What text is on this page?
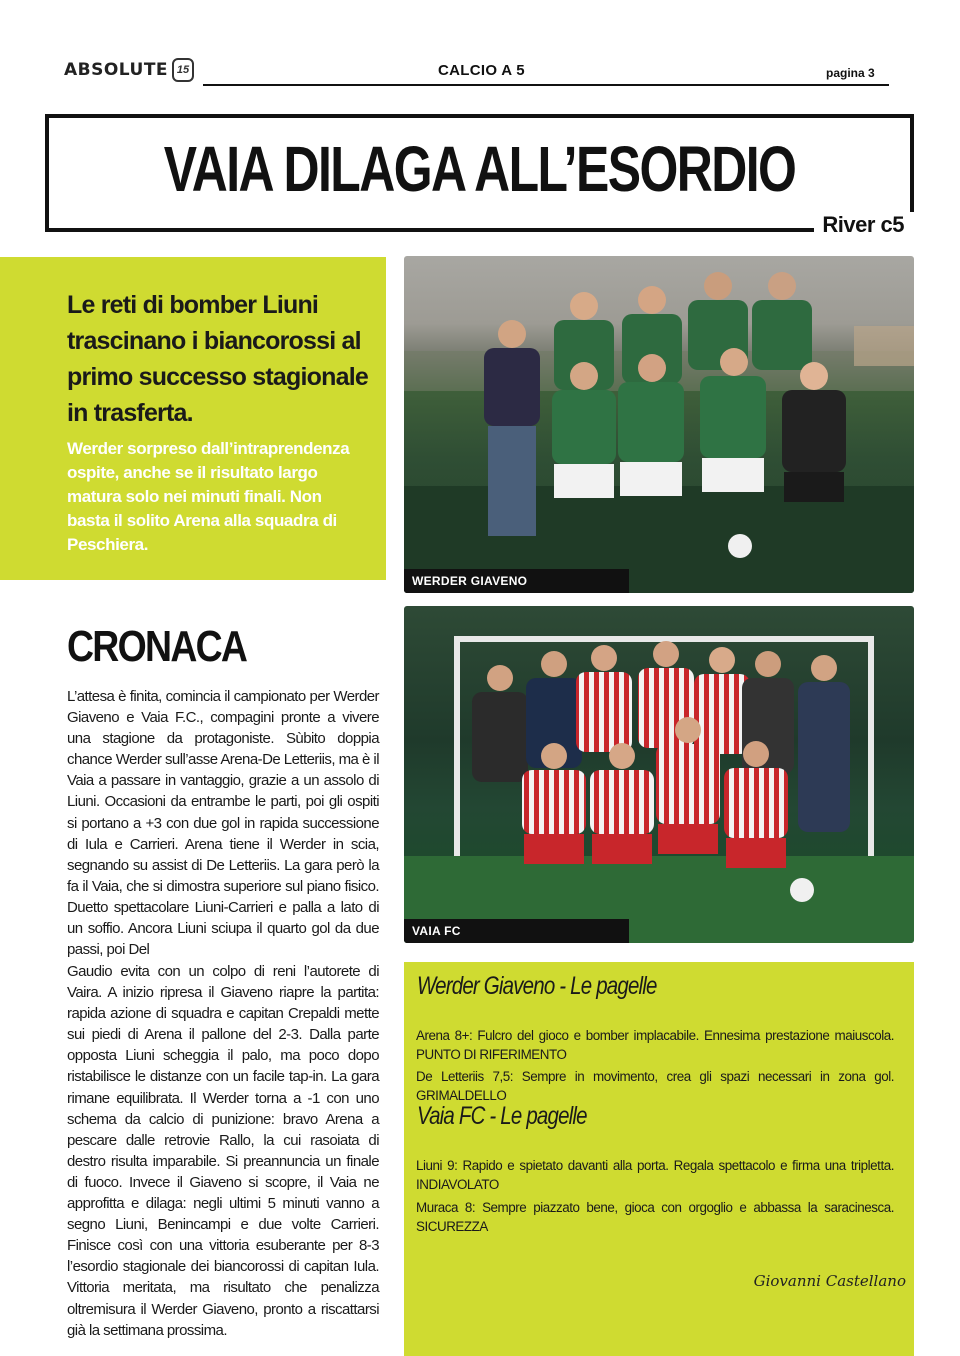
ABSOLUTE 15	CALCIO A 5	pagina 3
VAIA DILAGA ALL’ESORDIO
River c5
Le reti di bomber Liuni trascinano i biancorossi al primo successo stagionale in trasferta.
Werder sorpreso dall’intraprendenza ospite, anche se il risultato largo matura solo nei minuti finali. Non basta il solito Arena alla squadra di Peschiera.
WERDER GIAVENO
VAIA FC
CRONACA
L’attesa è finita, comincia il campionato per Werder Giaveno e Vaia F.C., compagini pronte a vivere una stagione da protagoniste. Sùbito doppia chance Werder sull’asse Arena-De Letteriis, ma è il Vaia a passare in vantaggio, grazie a un assolo di Liuni. Occasioni da entrambe le parti, poi gli ospiti si portano a +3 con due gol in rapida successione di Iula e Carrieri. Arena tiene il Werder in scia, segnando su assist di De Letteriis. La gara però la fa il Vaia, che si dimostra superiore sul piano fisico. Duetto spettacolare Liuni-Carrieri e palla a lato di un soffio. Ancora Liuni sciupa il quarto gol da due passi, poi Del
Gaudio evita con un colpo di reni l’autorete di Vaira. A inizio ripresa il Giaveno riapre la partita: rapida azione di squadra e capitan Crepaldi mette sui piedi di Arena il pallone del 2-3. Dalla parte opposta Liuni scheggia il palo, ma poco dopo ristabilisce le distanze con un facile tap-in. La gara rimane equilibrata. Il Werder torna a -1 con uno schema da calcio di punizione: bravo Arena a pescare dalle retrovie Rallo, la cui rasoiata di destro risulta imparabile. Si preannuncia un finale di fuoco. Invece il Giaveno si scopre, il Vaia ne approfitta e dilaga: negli ultimi 5 minuti vanno a segno Liuni, Benincampi e due volte Carrieri. Finisce così con una vittoria esuberante per 8-3 l’esordio stagionale dei biancorossi di capitan Iula. Vittoria meritata, ma risultato che penalizza oltremisura il Werder Giaveno, pronto a riscattarsi già la settimana prossima.
Werder Giaveno - Le pagelle
Arena 8+: Fulcro del gioco e bomber implacabile. Ennesima prestazione maiuscola. PUNTO DI RIFERIMENTO
De Letteriis 7,5: Sempre in movimento, crea gli spazi necessari in zona gol. GRIMALDELLO
Vaia FC - Le pagelle
Liuni 9: Rapido e spietato davanti alla porta. Regala spettacolo e firma una tripletta. INDIAVOLATO
Muraca 8: Sempre piazzato bene, gioca con orgoglio e abbassa la saracinesca. SICUREZZA
Giovanni Castellano
